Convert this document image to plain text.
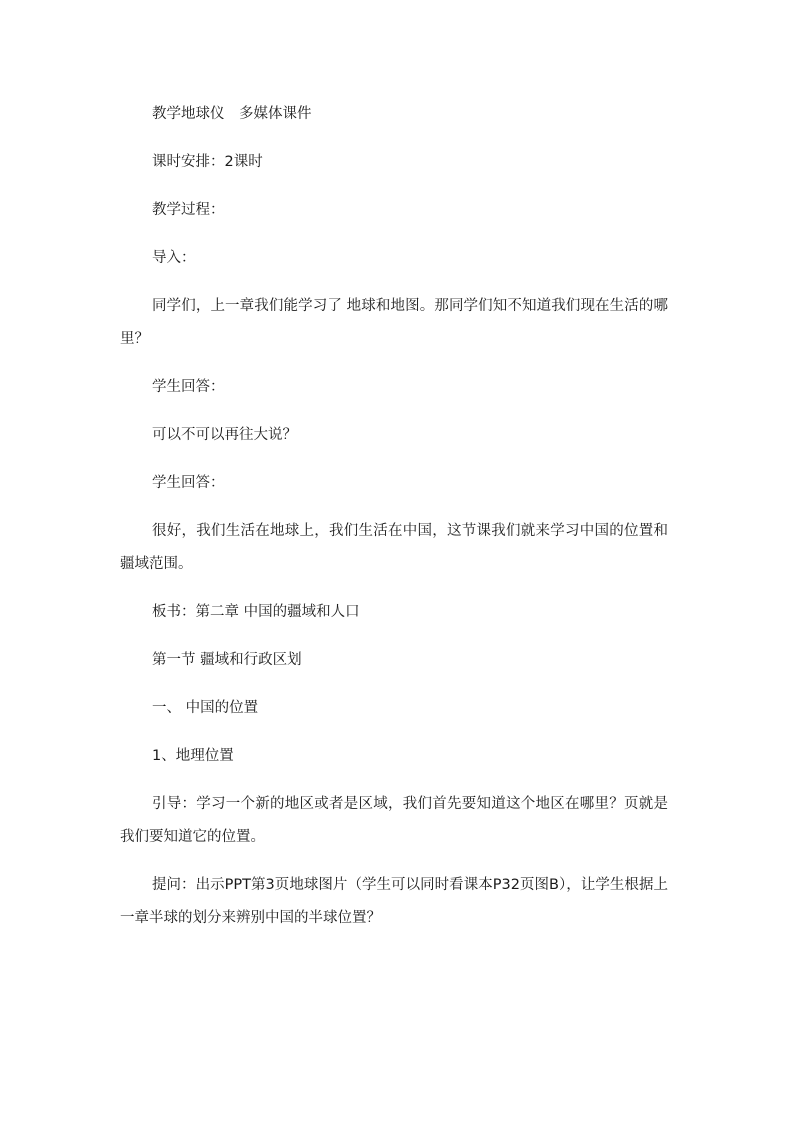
教学地球仪　多媒体课件

课时安排：2课时

教学过程：

导入：

同学们，上一章我们能学习了 地球和地图。那同学们知不知道我们现在生活的哪里？

学生回答：

可以不可以再往大说？

学生回答：

很好，我们生活在地球上，我们生活在中国，这节课我们就来学习中国的位置和疆域范围。

板书：第二章 中国的疆域和人口

第一节 疆域和行政区划

一、 中国的位置

1、地理位置

引导：学习一个新的地区或者是区域，我们首先要知道这个地区在哪里？页就是我们要知道它的位置。

提问：出示PPT第3页地球图片（学生可以同时看课本P32页图B），让学生根据上一章半球的划分来辨别中国的半球位置？
